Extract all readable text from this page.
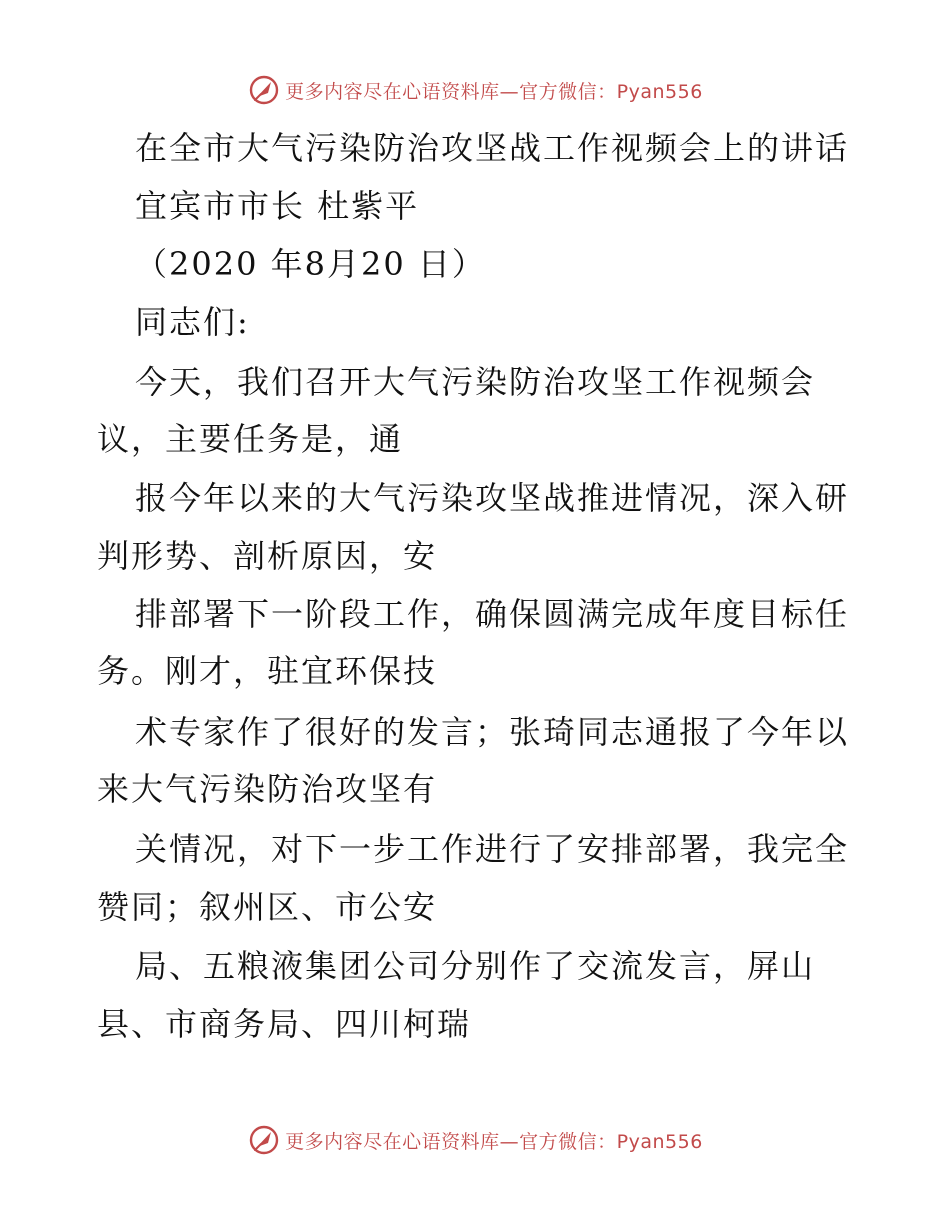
更多内容尽在心语资料库—官方微信：Pyan556
在全市大气污染防治攻坚战工作视频会上的讲话
宜宾市市长 杜紫平
（2020 年8月20 日）
同志们:
今天，我们召开大气污染防治攻坚工作视频会
议，主要任务是，通
报今年以来的大气污染攻坚战推进情况，深入研
判形势、剖析原因，安
排部署下一阶段工作，确保圆满完成年度目标任
务。刚才，驻宜环保技
术专家作了很好的发言；张琦同志通报了今年以
来大气污染防治攻坚有
关情况，对下一步工作进行了安排部署，我完全
赞同；叙州区、市公安
局、五粮液集团公司分别作了交流发言，屏山
县、市商务局、四川柯瑞
更多内容尽在心语资料库—官方微信：Pyan556
